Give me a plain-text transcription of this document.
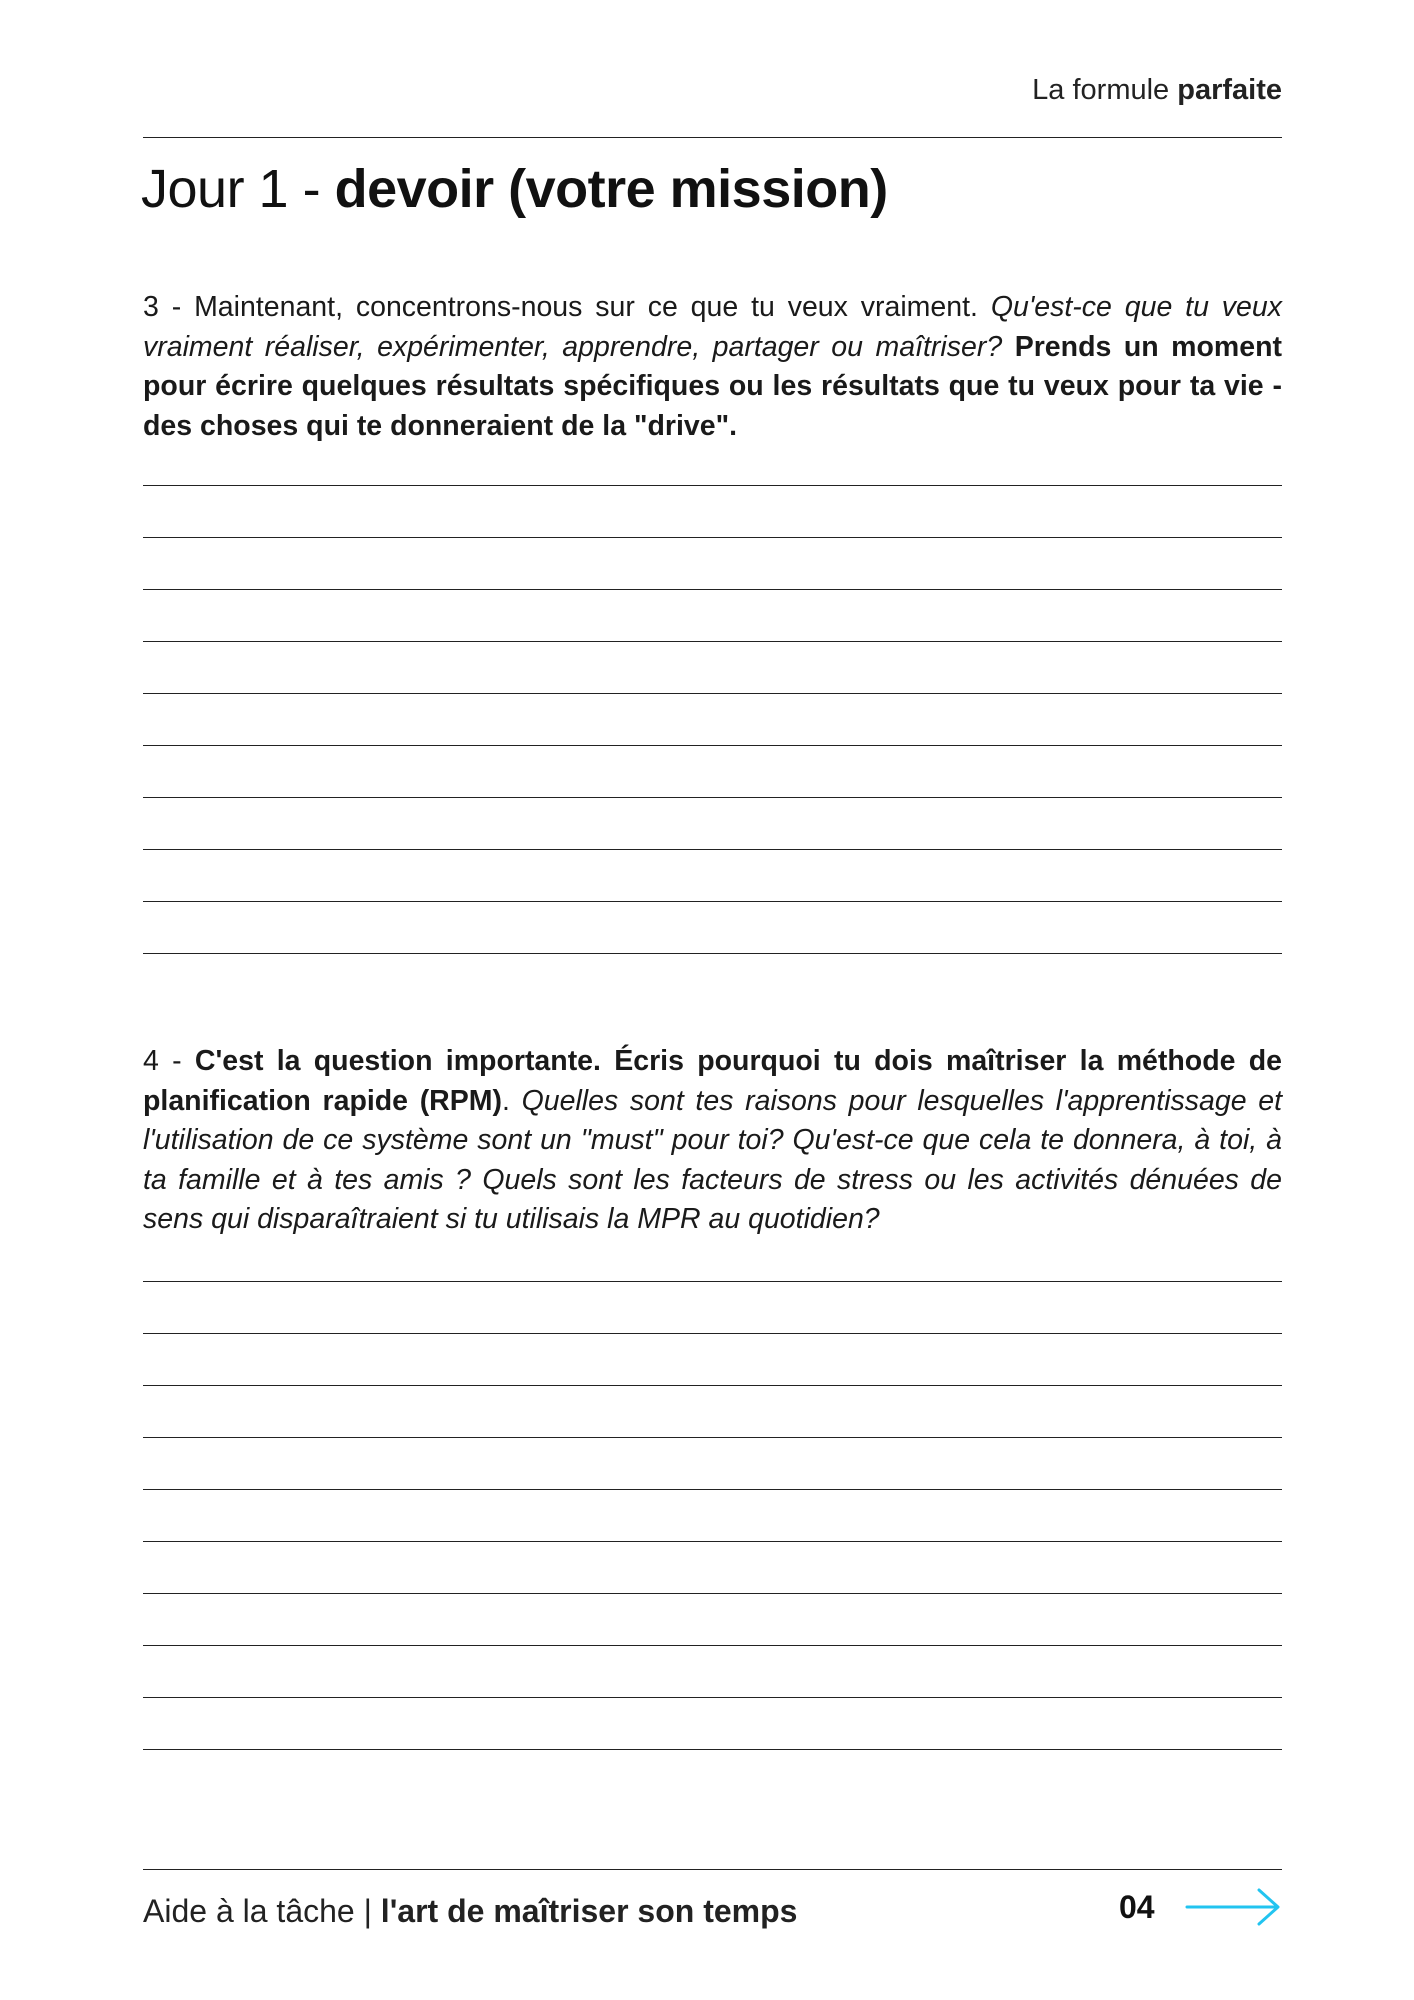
La formule parfaite
Jour 1 - devoir (votre mission)
3 - Maintenant, concentrons-nous sur ce que tu veux vraiment. Qu'est-ce que tu veux vraiment réaliser, expérimenter, apprendre, partager ou maîtriser? Prends un moment pour écrire quelques résultats spécifiques ou les résultats que tu veux pour ta vie - des choses qui te donneraient de la "drive".
4 - C'est la question importante. Écris pourquoi tu dois maîtriser la méthode de planification rapide (RPM). Quelles sont tes raisons pour lesquelles l'apprentissage et l'utilisation de ce système sont un "must" pour toi? Qu'est-ce que cela te donnera, à toi, à ta famille et à tes amis ? Quels sont les facteurs de stress ou les activités dénuées de sens qui disparaîtraient si tu utilisais la MPR au quotidien?
Aide à la tâche | l'art de maîtriser son temps	04
